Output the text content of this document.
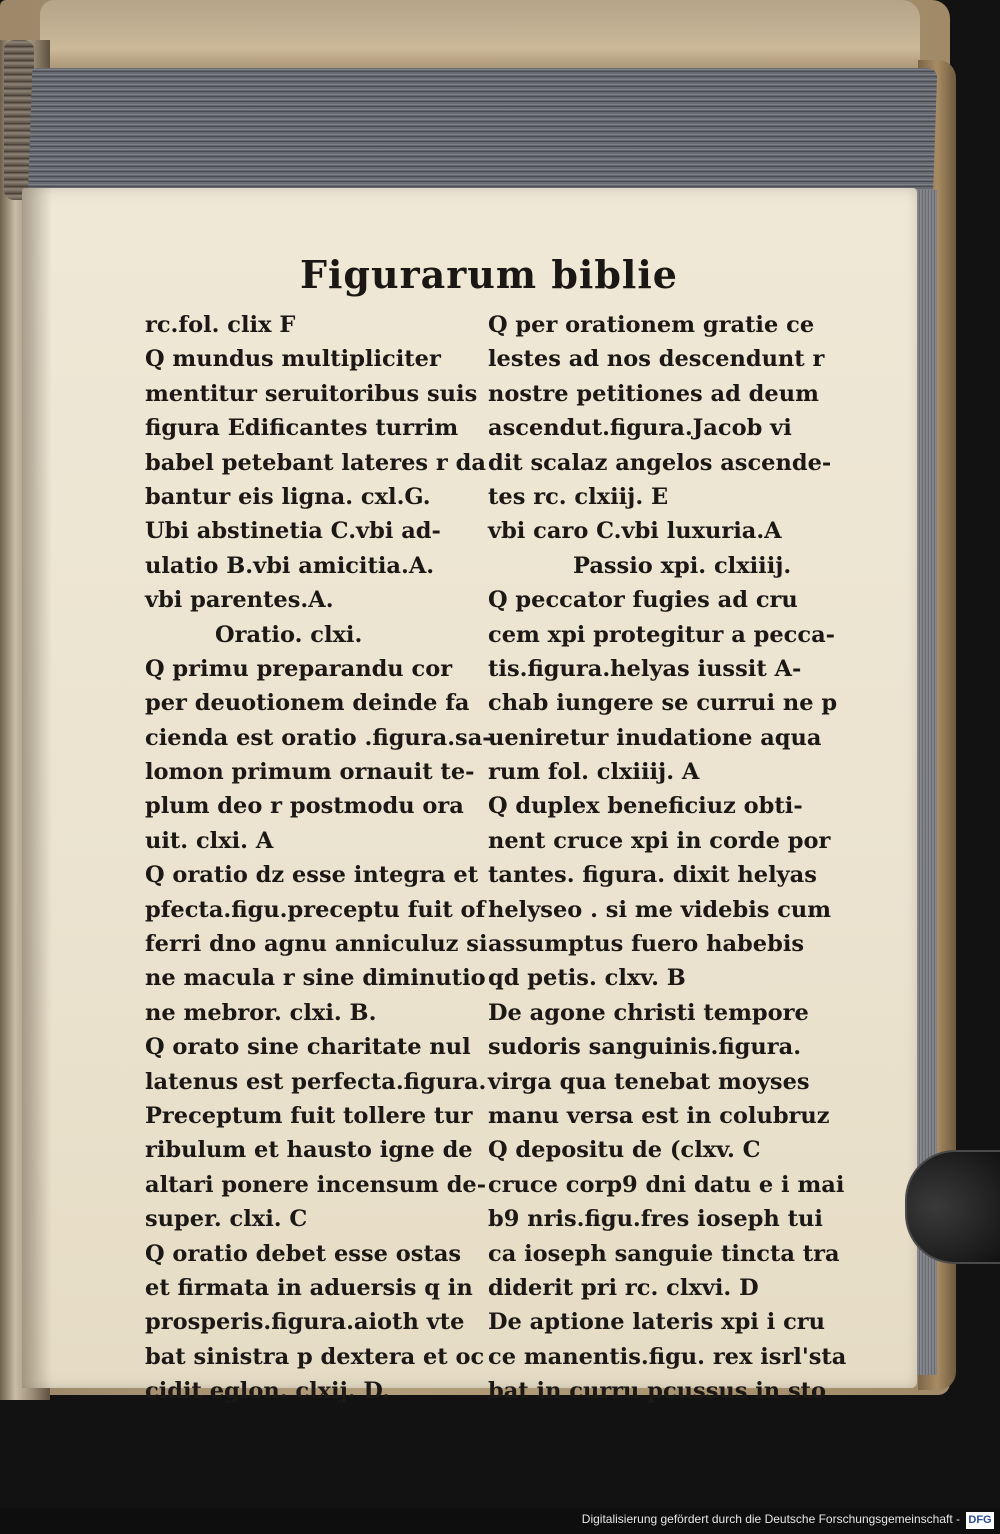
Figurarum biblie
rc.fol. clix F
Q mundus multipliciter
mentitur seruitoribus suis
figura Edificantes turrim
babel petebant lateres r da
bantur eis ligna. cxl.G.
Ubi abstinetia C.vbi ad-
ulatio B.vbi amicitia.A.
vbi parentes.A.
Oratio. clxi.
Q primu preparandu cor
per deuotionem deinde fa
cienda est oratio .figura.sa-
lomon primum ornauit te-
plum deo r postmodu ora
uit. clxi. A
Q oratio dz esse integra et
pfecta.figu.preceptu fuit of
ferri dno agnu anniculuz si
ne macula r sine diminutio
ne mebror. clxi. B.
Q orato sine charitate nul
latenus est perfecta.figura.
Preceptum fuit tollere tur
ribulum et hausto igne de
altari ponere incensum de-
super. clxi. C
Q oratio debet esse ostas
et firmata in aduersis q in
prosperis.figura.aioth vte
bat sinistra p dextera et oc
cidit eglon. clxij. D.
Q per orationem gratie ce
lestes ad nos descendunt r
nostre petitiones ad deum
ascendut.figura.Jacob vi
dit scalaz angelos ascende-
tes rc. clxiij. E
vbi caro C.vbi luxuria.A
Passio xpi. clxiiij.
Q peccator fugies ad cru
cem xpi protegitur a pecca-
tis.figura.helyas iussit A-
chab iungere se currui ne p
ueniretur inudatione aqua
rum fol. clxiiij. A
Q duplex beneficiuz obti-
nent cruce xpi in corde por
tantes. figura. dixit helyas
helyseo . si me videbis cum
assumptus fuero habebis
qd petis. clxv. B
De agone christi tempore
sudoris sanguinis.figura.
virga qua tenebat moyses
manu versa est in colubruz
Q depositu de (clxv. C
cruce corp9 dni datu e i mai
b9 nris.figu.fres ioseph tui
ca ioseph sanguie tincta tra
diderit pri rc. clxvi. D
De aptione lateris xpi i cru
ce manentis.figu. rex isrl'sta
bat in curru pcussus in sto
Digitalisierung gefördert durch die Deutsche Forschungsgemeinschaft - DFG
